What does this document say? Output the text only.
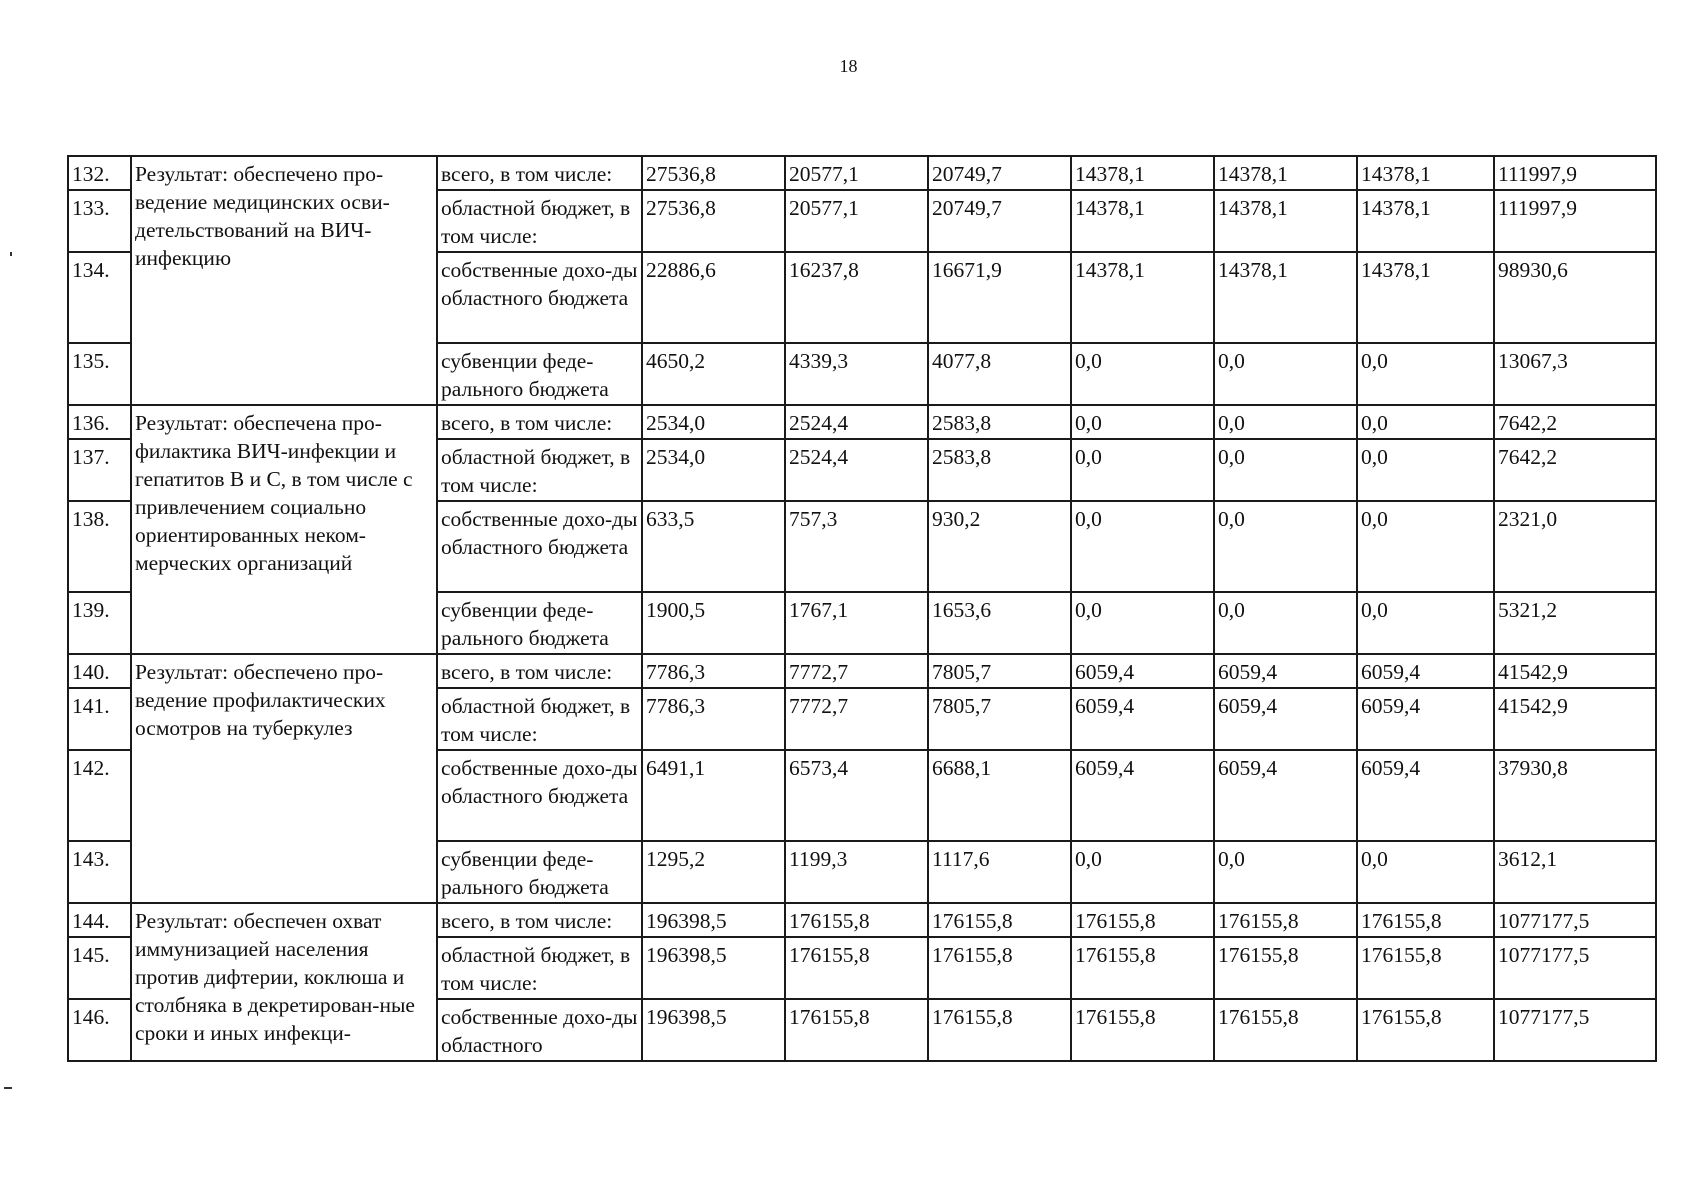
18
132.	Результат: обеспечено про-ведение медицинских осви-детельствований на ВИЧ-инфекцию	всего, в том числе:	27536,8	20577,1	20749,7	14378,1	14378,1	14378,1	111997,9
133.		областной бюджет, в том числе:	27536,8	20577,1	20749,7	14378,1	14378,1	14378,1	111997,9
134.		собственные дохо-ды областного бюджета	22886,6	16237,8	16671,9	14378,1	14378,1	14378,1	98930,6
135.		субвенции феде-рального бюджета	4650,2	4339,3	4077,8	0,0	0,0	0,0	13067,3
136.	Результат: обеспечена про-филактика ВИЧ-инфекции и гепатитов В и С, в том числе с привлечением социально ориентированных неком-мерческих организаций	всего, в том числе:	2534,0	2524,4	2583,8	0,0	0,0	0,0	7642,2
137.		областной бюджет, в том числе:	2534,0	2524,4	2583,8	0,0	0,0	0,0	7642,2
138.		собственные дохо-ды областного бюджета	633,5	757,3	930,2	0,0	0,0	0,0	2321,0
139.		субвенции феде-рального бюджета	1900,5	1767,1	1653,6	0,0	0,0	0,0	5321,2
140.	Результат: обеспечено про-ведение профилактических осмотров на туберкулез	всего, в том числе:	7786,3	7772,7	7805,7	6059,4	6059,4	6059,4	41542,9
141.		областной бюджет, в том числе:	7786,3	7772,7	7805,7	6059,4	6059,4	6059,4	41542,9
142.		собственные дохо-ды областного бюджета	6491,1	6573,4	6688,1	6059,4	6059,4	6059,4	37930,8
143.		субвенции феде-рального бюджета	1295,2	1199,3	1117,6	0,0	0,0	0,0	3612,1
144.	Результат: обеспечен охват иммунизацией населения против дифтерии, коклюша и столбняка в декретирован-ные сроки и иных инфекци-	всего, в том числе:	196398,5	176155,8	176155,8	176155,8	176155,8	176155,8	1077177,5
145.		областной бюджет, в том числе:	196398,5	176155,8	176155,8	176155,8	176155,8	176155,8	1077177,5
146.		собственные дохо-ды областного	196398,5	176155,8	176155,8	176155,8	176155,8	176155,8	1077177,5
